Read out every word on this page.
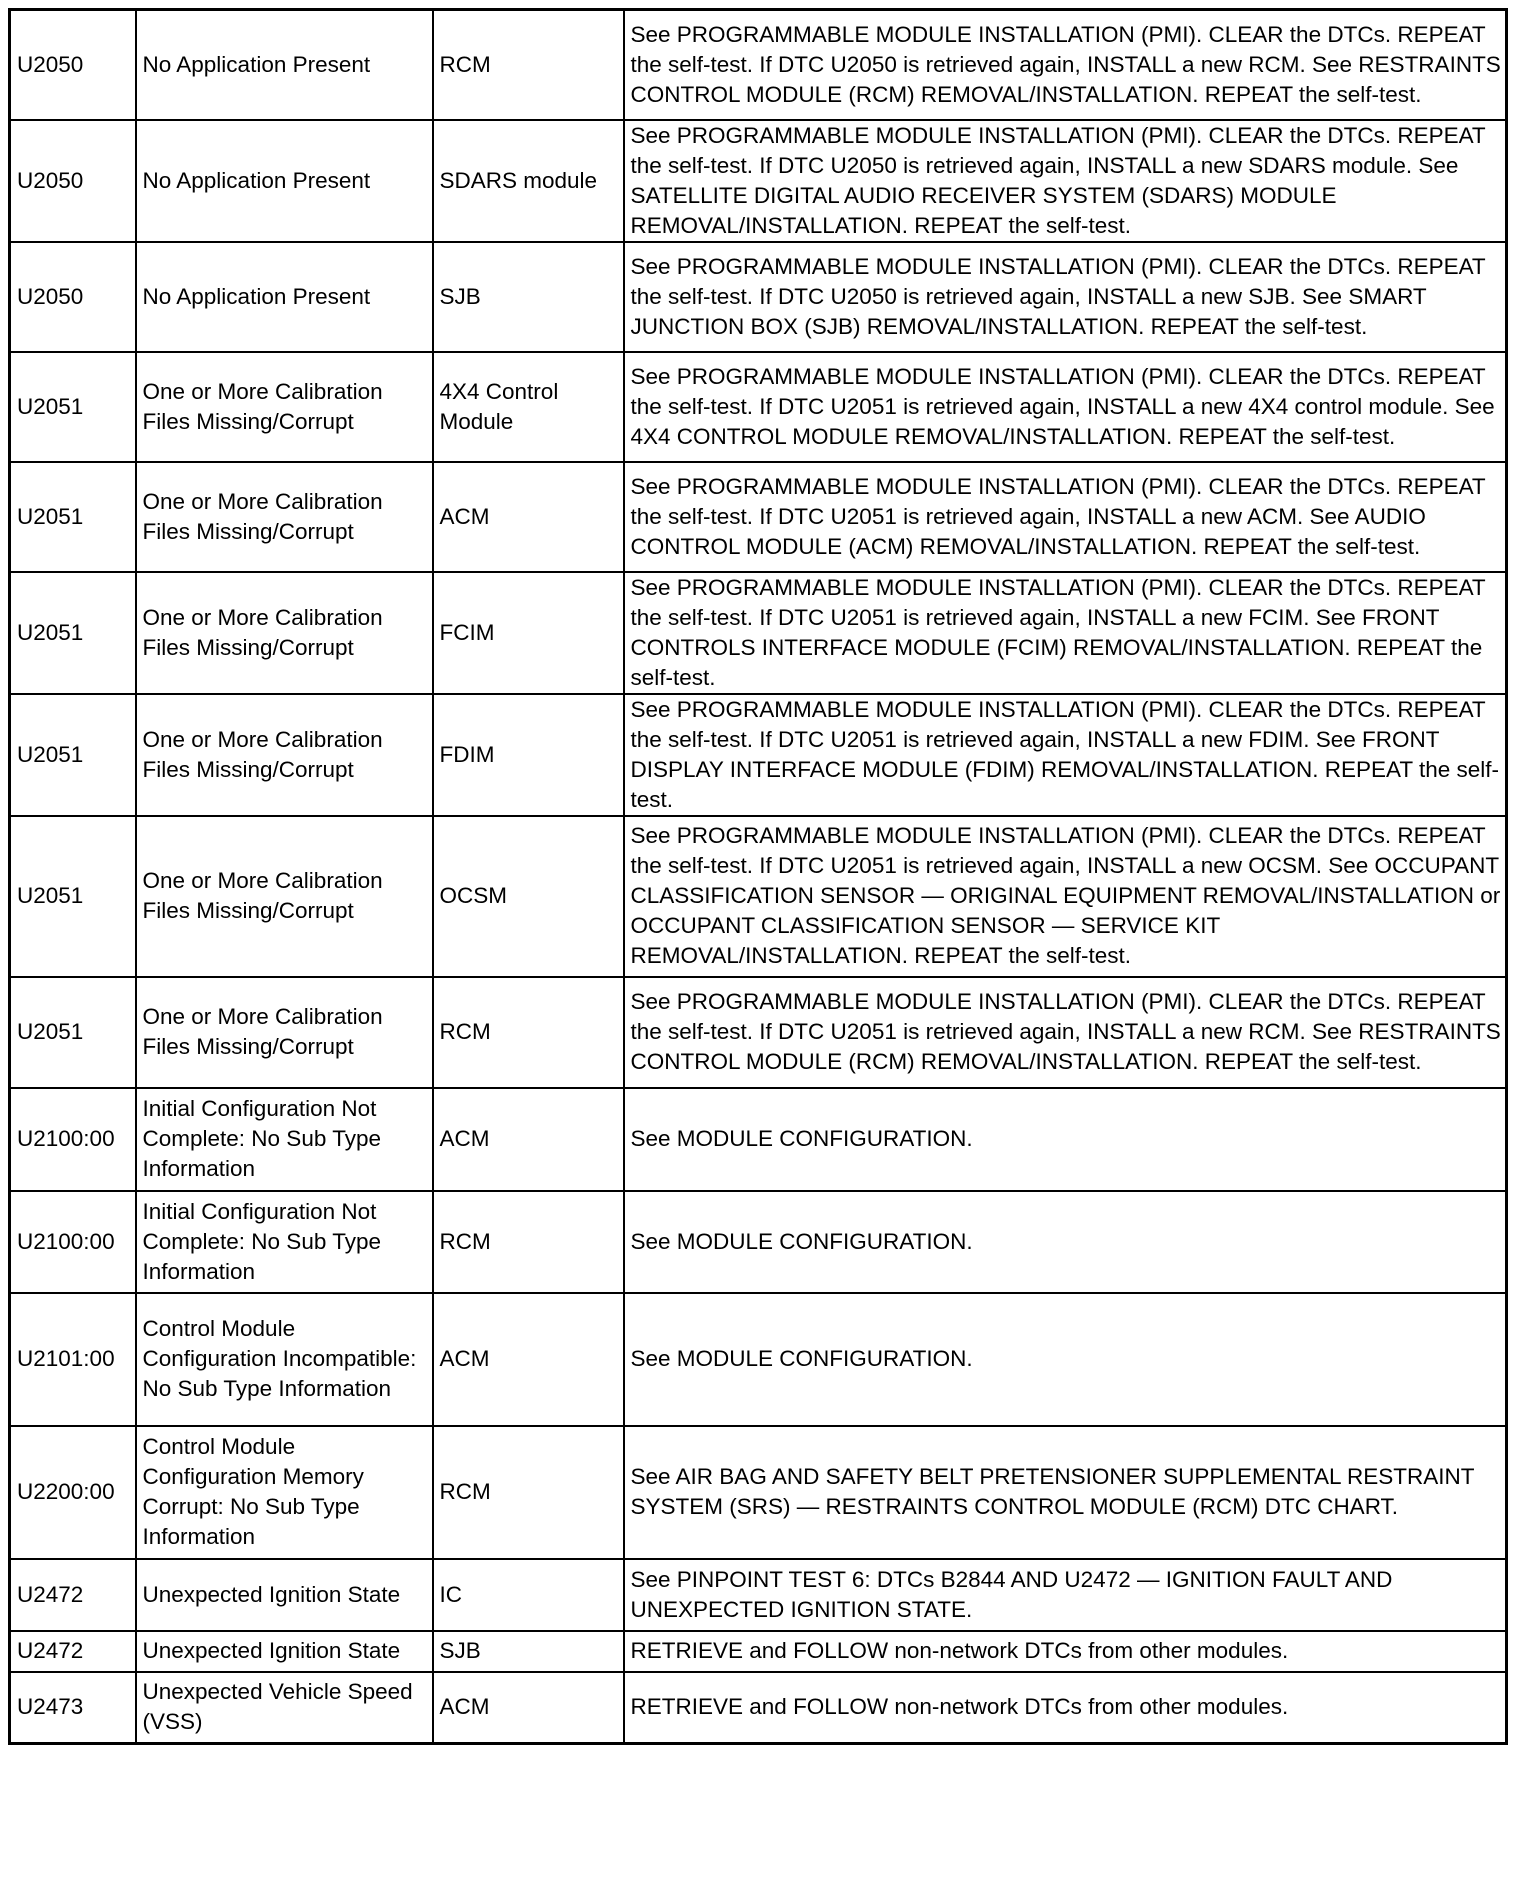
U2050	No Application Present	RCM	See PROGRAMMABLE MODULE INSTALLATION (PMI). CLEAR the DTCs. REPEAT the self-test. If DTC U2050 is retrieved again, INSTALL a new RCM. See RESTRAINTS CONTROL MODULE (RCM) REMOVAL/INSTALLATION. REPEAT the self-test.
U2050	No Application Present	SDARS module	See PROGRAMMABLE MODULE INSTALLATION (PMI). CLEAR the DTCs. REPEAT the self-test. If DTC U2050 is retrieved again, INSTALL a new SDARS module. See SATELLITE DIGITAL AUDIO RECEIVER SYSTEM (SDARS) MODULE REMOVAL/INSTALLATION. REPEAT the self-test.
U2050	No Application Present	SJB	See PROGRAMMABLE MODULE INSTALLATION (PMI). CLEAR the DTCs. REPEAT the self-test. If DTC U2050 is retrieved again, INSTALL a new SJB. See SMART JUNCTION BOX (SJB) REMOVAL/INSTALLATION. REPEAT the self-test.
U2051	One or More Calibration Files Missing/Corrupt	4X4 Control Module	See PROGRAMMABLE MODULE INSTALLATION (PMI). CLEAR the DTCs. REPEAT the self-test. If DTC U2051 is retrieved again, INSTALL a new 4X4 control module. See 4X4 CONTROL MODULE REMOVAL/INSTALLATION. REPEAT the self-test.
U2051	One or More Calibration Files Missing/Corrupt	ACM	See PROGRAMMABLE MODULE INSTALLATION (PMI). CLEAR the DTCs. REPEAT the self-test. If DTC U2051 is retrieved again, INSTALL a new ACM. See AUDIO CONTROL MODULE (ACM) REMOVAL/INSTALLATION. REPEAT the self-test.
U2051	One or More Calibration Files Missing/Corrupt	FCIM	See PROGRAMMABLE MODULE INSTALLATION (PMI). CLEAR the DTCs. REPEAT the self-test. If DTC U2051 is retrieved again, INSTALL a new FCIM. See FRONT CONTROLS INTERFACE MODULE (FCIM) REMOVAL/INSTALLATION. REPEAT the self-test.
U2051	One or More Calibration Files Missing/Corrupt	FDIM	See PROGRAMMABLE MODULE INSTALLATION (PMI). CLEAR the DTCs. REPEAT the self-test. If DTC U2051 is retrieved again, INSTALL a new FDIM. See FRONT DISPLAY INTERFACE MODULE (FDIM) REMOVAL/INSTALLATION. REPEAT the self-test.
U2051	One or More Calibration Files Missing/Corrupt	OCSM	See PROGRAMMABLE MODULE INSTALLATION (PMI). CLEAR the DTCs. REPEAT the self-test. If DTC U2051 is retrieved again, INSTALL a new OCSM. See OCCUPANT CLASSIFICATION SENSOR — ORIGINAL EQUIPMENT REMOVAL/INSTALLATION or OCCUPANT CLASSIFICATION SENSOR — SERVICE KIT REMOVAL/INSTALLATION. REPEAT the self-test.
U2051	One or More Calibration Files Missing/Corrupt	RCM	See PROGRAMMABLE MODULE INSTALLATION (PMI). CLEAR the DTCs. REPEAT the self-test. If DTC U2051 is retrieved again, INSTALL a new RCM. See RESTRAINTS CONTROL MODULE (RCM) REMOVAL/INSTALLATION. REPEAT the self-test.
U2100:00	Initial Configuration Not Complete: No Sub Type Information	ACM	See MODULE CONFIGURATION.
U2100:00	Initial Configuration Not Complete: No Sub Type Information	RCM	See MODULE CONFIGURATION.
U2101:00	Control Module Configuration Incompatible: No Sub Type Information	ACM	See MODULE CONFIGURATION.
U2200:00	Control Module Configuration Memory Corrupt: No Sub Type Information	RCM	See AIR BAG AND SAFETY BELT PRETENSIONER SUPPLEMENTAL RESTRAINT SYSTEM (SRS) — RESTRAINTS CONTROL MODULE (RCM) DTC CHART.
U2472	Unexpected Ignition State	IC	See PINPOINT TEST 6: DTCs B2844 AND U2472 — IGNITION FAULT AND UNEXPECTED IGNITION STATE.
U2472	Unexpected Ignition State	SJB	RETRIEVE and FOLLOW non-network DTCs from other modules.
U2473	Unexpected Vehicle Speed (VSS)	ACM	RETRIEVE and FOLLOW non-network DTCs from other modules.
